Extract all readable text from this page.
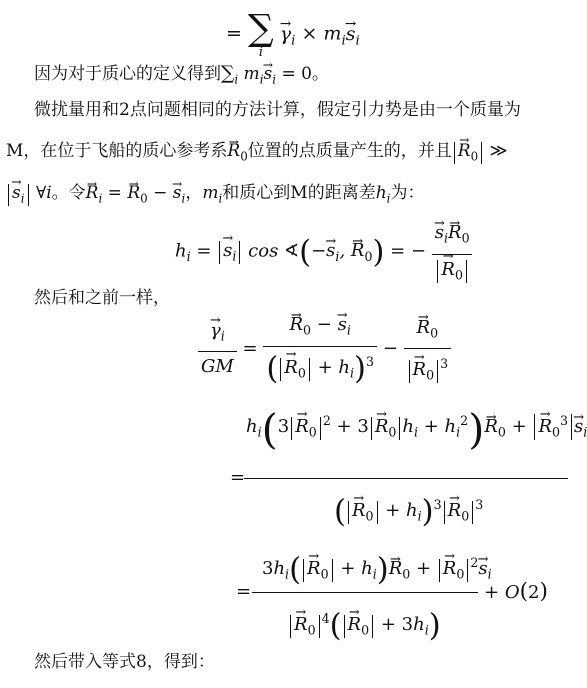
= ∑
i
→ $\gamma_i \times m_i\to s_i$
因为对于质心的定义得到$\sum_i$ $m_i\to s_i = 0$。
微扰量用和2点问题相同的方法计算，假定引力势是由一个质量为
M，在位于飞船的质心参考系→ $R_0$位置的点质量产生的，并且 → $R_0$ ≫
→ $s_i$ ∀i。令→ $R_i$ = → $R_0$ − → $s_i$，$m_i$和质心到M的距离差$h_i$为：
$h_i$ = → $s_i$ cos ∢(−→ $s_i$, → $R_0$) = − → $s_i\to R_0$
→ $R_0$
然后和之前一样，
→ $\frac{\gamma_i}{GM}$ = → $\frac{R_0 - \to s_i}{( \to R_0 + h_i)^3}$ − → $R_0$
→ $R_0^3$
$h_i(3 \to R_0^2 + 3 \to R_0$ $h_i + h_i^2)\to R_0$ + → $R_0^3 \to s_i$
=
( → $R_0 + h_i)^3 \to R_0^3$
$3h_i( \to R_0 + h_i)\to R_0$ + → $R_0^2\to s_i$
=	+ O(2)
→ $R_0^4( \to R_0 + 3h_i)$
然后带入等式8，得到：
